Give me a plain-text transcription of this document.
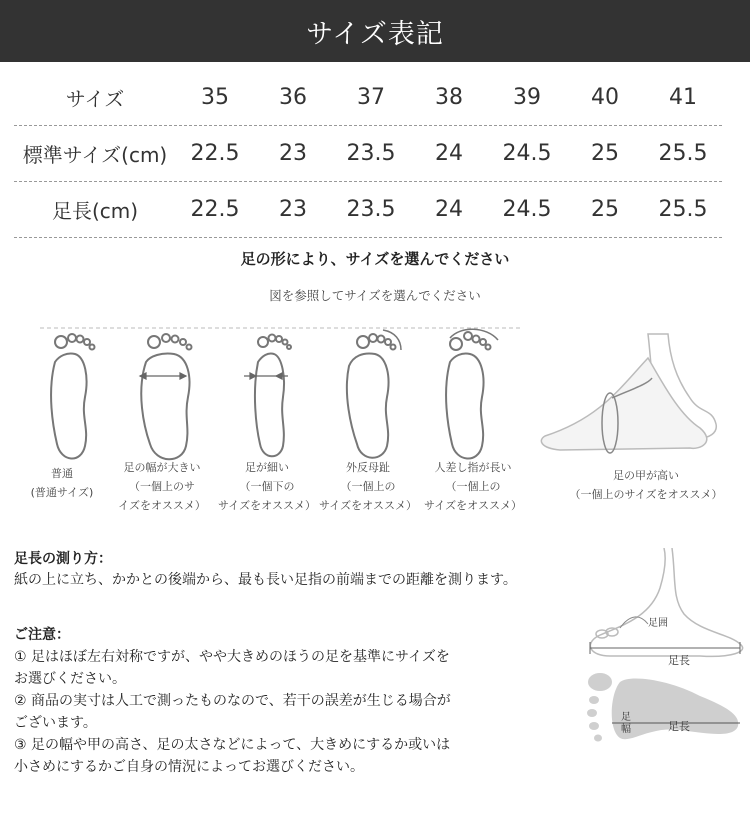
サイズ表記
サイズ	35	36	37	38	39	40	41
標準サイズ(cm)	22.5	23	23.5	24	24.5	25	25.5
足長(cm)	22.5	23	23.5	24	24.5	25	25.5
足の形により、サイズを選んでください
図を参照してサイズを選んでください
普通
(普通サイズ)
足の幅が大きい
（一個上のサ
イズをオススメ）
足が細い
（一個下の
サイズをオススメ）
外反母趾
（一個上の
サイズをオススメ）
人差し指が長い
（一個上の
サイズをオススメ）
足の甲が高い
（一個上のサイズをオススメ）
足長の測り方：

紙の上に立ち、かかとの後端から、最も長い足指の前端までの距離を測ります。

ご注意：

① 足はほぼ左右対称ですが、やや大きめのほうの足を基準にサイズを

お選びください。

② 商品の実寸は人工で測ったものなので、若干の誤差が生じる場合が

ございます。

③ 足の幅や甲の高さ、足の太さなどによって、大きめにするか或いは

小さめにするかご自身の情況によってお選びください。

足囲
足長
足幅	足長
